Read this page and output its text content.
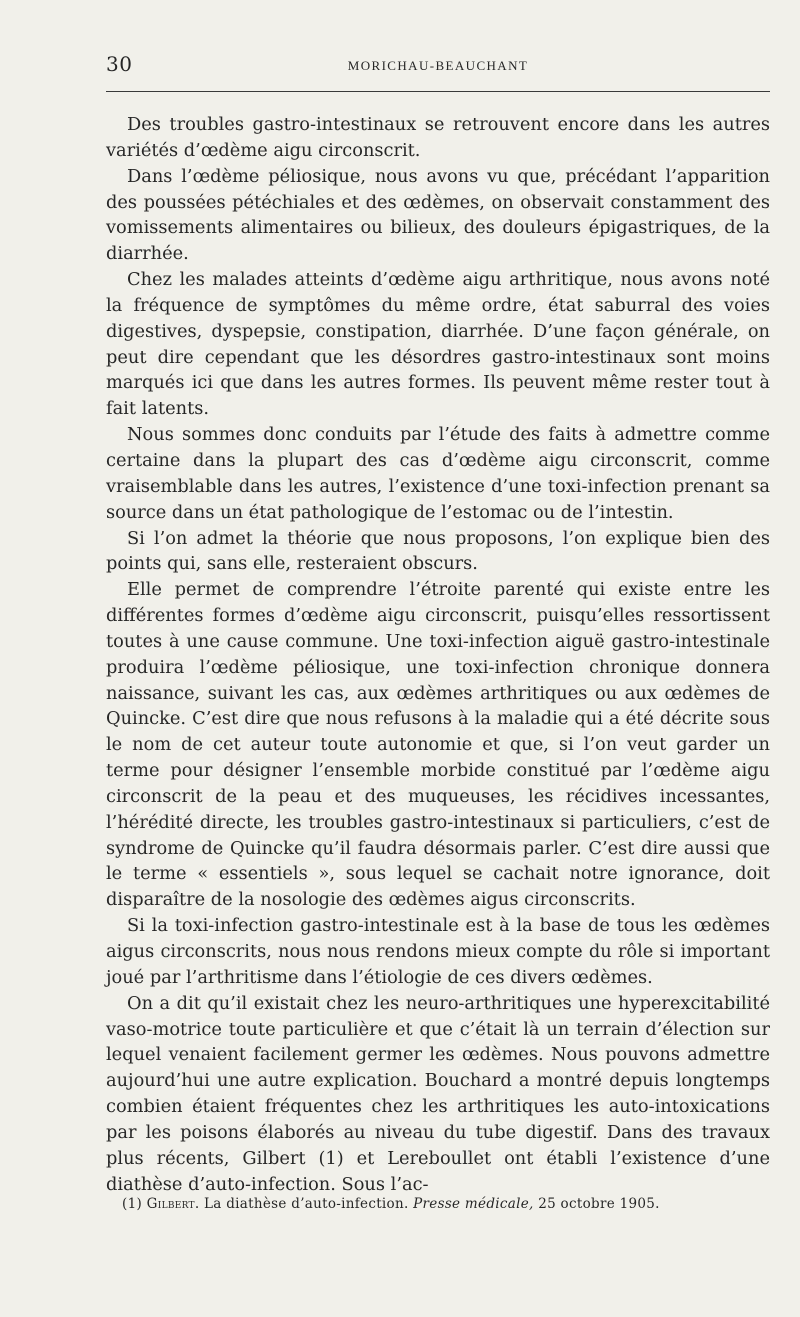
30	MORICHAU-BEAUCHANT

Des troubles gastro-intestinaux se retrouvent encore dans les autres variétés d’œdème aigu circonscrit.

Dans l’œdème péliosique, nous avons vu que, précédant l’apparition des poussées pétéchiales et des œdèmes, on observait constamment des vomissements alimentaires ou bilieux, des douleurs épigastriques, de la diarrhée.

Chez les malades atteints d’œdème aigu arthritique, nous avons noté la fréquence de symptômes du même ordre, état saburral des voies digestives, dyspepsie, constipation, diarrhée. D’une façon générale, on peut dire cependant que les désordres gastro-intestinaux sont moins marqués ici que dans les autres formes. Ils peuvent même rester tout à fait latents.

Nous sommes donc conduits par l’étude des faits à admettre comme certaine dans la plupart des cas d’œdème aigu circonscrit, comme vraisemblable dans les autres, l’existence d’une toxi-infection prenant sa source dans un état pathologique de l’estomac ou de l’intestin.

Si l’on admet la théorie que nous proposons, l’on explique bien des points qui, sans elle, resteraient obscurs.

Elle permet de comprendre l’étroite parenté qui existe entre les différentes formes d’œdème aigu circonscrit, puisqu’elles ressortissent toutes à une cause commune. Une toxi-infection aiguë gastro-intestinale produira l’œdème péliosique, une toxi-infection chronique donnera naissance, suivant les cas, aux œdèmes arthritiques ou aux œdèmes de Quincke. C’est dire que nous refusons à la maladie qui a été décrite sous le nom de cet auteur toute autonomie et que, si l’on veut garder un terme pour désigner l’ensemble morbide constitué par l’œdème aigu circonscrit de la peau et des muqueuses, les récidives incessantes, l’hérédité directe, les troubles gastro-intestinaux si particuliers, c’est de syndrome de Quincke qu’il faudra désormais parler. C’est dire aussi que le terme « essentiels », sous lequel se cachait notre ignorance, doit disparaître de la nosologie des œdèmes aigus circonscrits.

Si la toxi-infection gastro-intestinale est à la base de tous les œdèmes aigus circonscrits, nous nous rendons mieux compte du rôle si important joué par l’arthritisme dans l’étiologie de ces divers œdèmes.

On a dit qu’il existait chez les neuro-arthritiques une hyperexcitabilité vaso-motrice toute particulière et que c’était là un terrain d’élection sur lequel venaient facilement germer les œdèmes. Nous pouvons admettre aujourd’hui une autre explication. Bouchard a montré depuis longtemps combien étaient fréquentes chez les arthritiques les auto-intoxications par les poisons élaborés au niveau du tube digestif. Dans des travaux plus récents, Gilbert (1) et Lereboullet ont établi l’existence d’une diathèse d’auto-infection. Sous l’ac-

(1) Gilbert. La diathèse d’auto-infection. Presse médicale, 25 octobre 1905.
